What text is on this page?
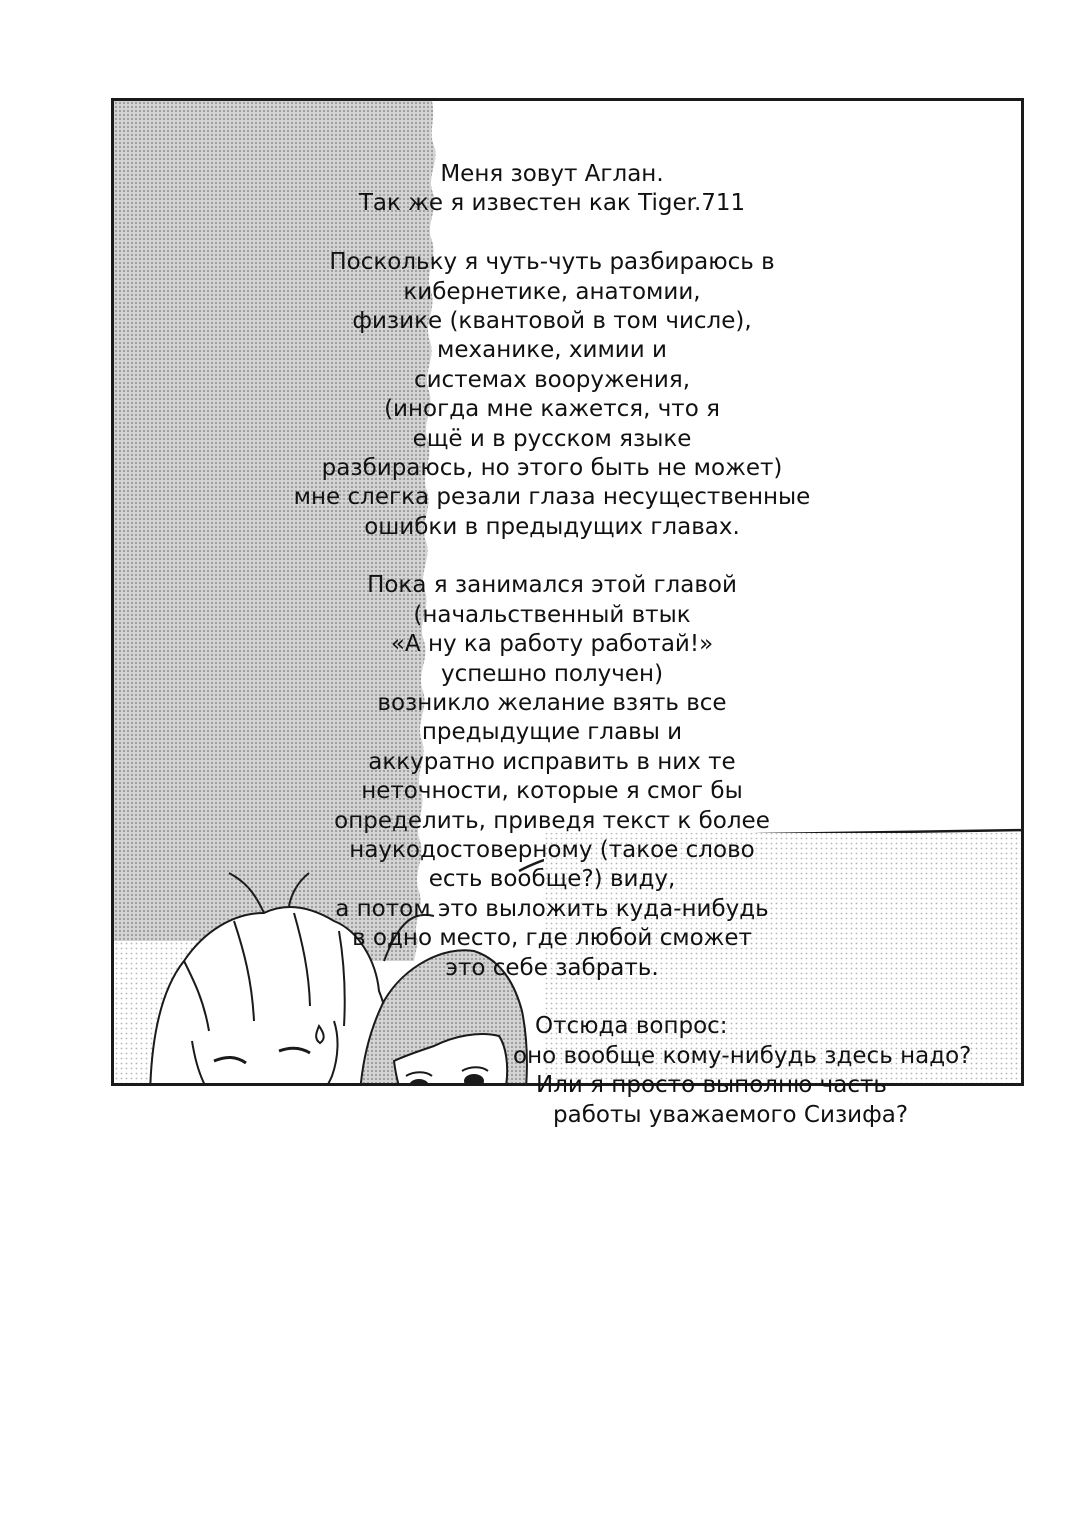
Меня зовут Аглан.
Так же я известен как Tiger.711
Поскольку я чуть-чуть разбираюсь в
кибернетике, анатомии,
физике (квантовой в том числе),
механике, химии и
системах вооружения,
(иногда мне кажется, что я
ещё и в русском языке
разбираюсь, но этого быть не может)
мне слегка резали глаза несущественные
ошибки в предыдущих главах.
Пока я занимался этой главой
(начальственный втык
«А ну ка работу работай!»
успешно получен)
возникло желание взять все
предыдущие главы и
аккуратно исправить в них те
неточности, которые я смог бы
определить, приведя текст к более
наукодостоверному (такое слово
есть вообще?) виду,
а потом это выложить куда-нибудь
в одно место, где любой сможет
это себе забрать.
Отсюда вопрос:
оно вообще кому-нибудь здесь надо?
Или я просто выполню часть
работы уважаемого Сизифа?
